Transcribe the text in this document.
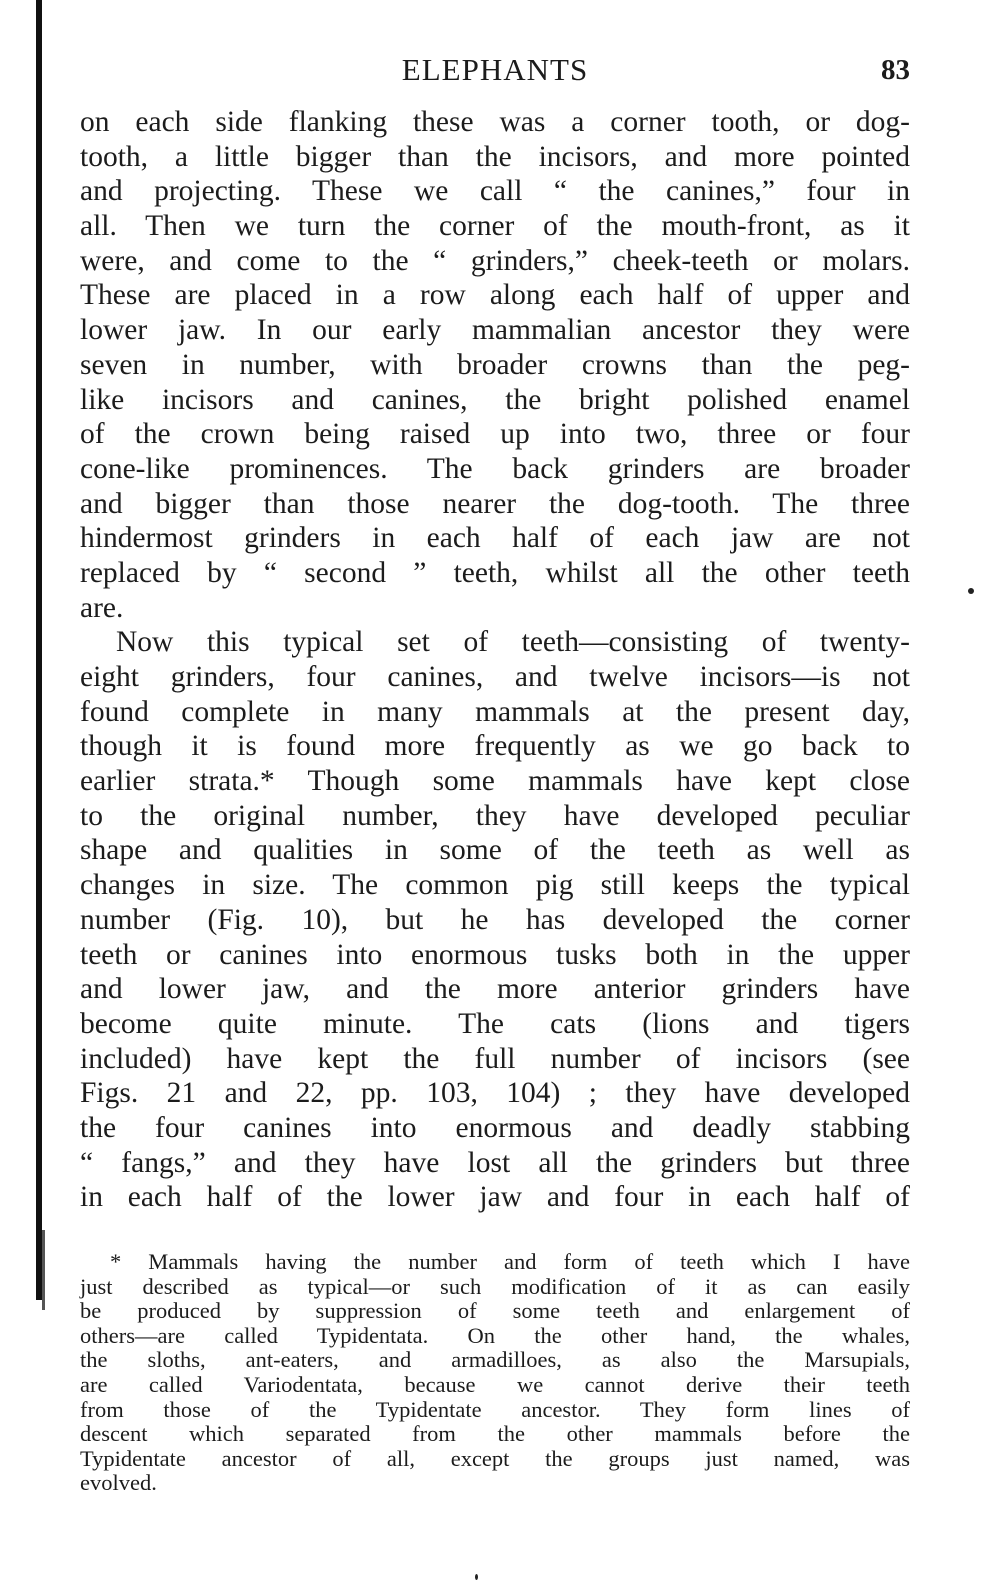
ELEPHANTS	83
on each side flanking these was a corner tooth, or dog-
tooth, a little bigger than the incisors, and more pointed
and projecting. These we call “ the canines,” four in
all. Then we turn the corner of the mouth-front, as it
were, and come to the “ grinders,” cheek-teeth or molars.
These are placed in a row along each half of upper and
lower jaw. In our early mammalian ancestor they were
seven in number, with broader crowns than the peg-
like incisors and canines, the bright polished enamel
of the crown being raised up into two, three or four
cone-like prominences. The back grinders are broader
and bigger than those nearer the dog-tooth. The three
hindermost grinders in each half of each jaw are not
replaced by “ second ” teeth, whilst all the other teeth
are.
Now this typical set of teeth—consisting of twenty-
eight grinders, four canines, and twelve incisors—is not
found complete in many mammals at the present day,
though it is found more frequently as we go back to
earlier strata.* Though some mammals have kept close
to the original number, they have developed peculiar
shape and qualities in some of the teeth as well as
changes in size. The common pig still keeps the typical
number (Fig. 10), but he has developed the corner
teeth or canines into enormous tusks both in the upper
and lower jaw, and the more anterior grinders have
become quite minute. The cats (lions and tigers
included) have kept the full number of incisors (see
Figs. 21 and 22, pp. 103, 104) ; they have developed
the four canines into enormous and deadly stabbing
“ fangs,” and they have lost all the grinders but three
in each half of the lower jaw and four in each half of
* Mammals having the number and form of teeth which I have
just described as typical—or such modification of it as can easily
be produced by suppression of some teeth and enlargement of
others—are called Typidentata. On the other hand, the whales,
the sloths, ant-eaters, and armadilloes, as also the Marsupials,
are called Variodentata, because we cannot derive their teeth
from those of the Typidentate ancestor. They form lines of
descent which separated from the other mammals before the
Typidentate ancestor of all, except the groups just named, was
evolved.
